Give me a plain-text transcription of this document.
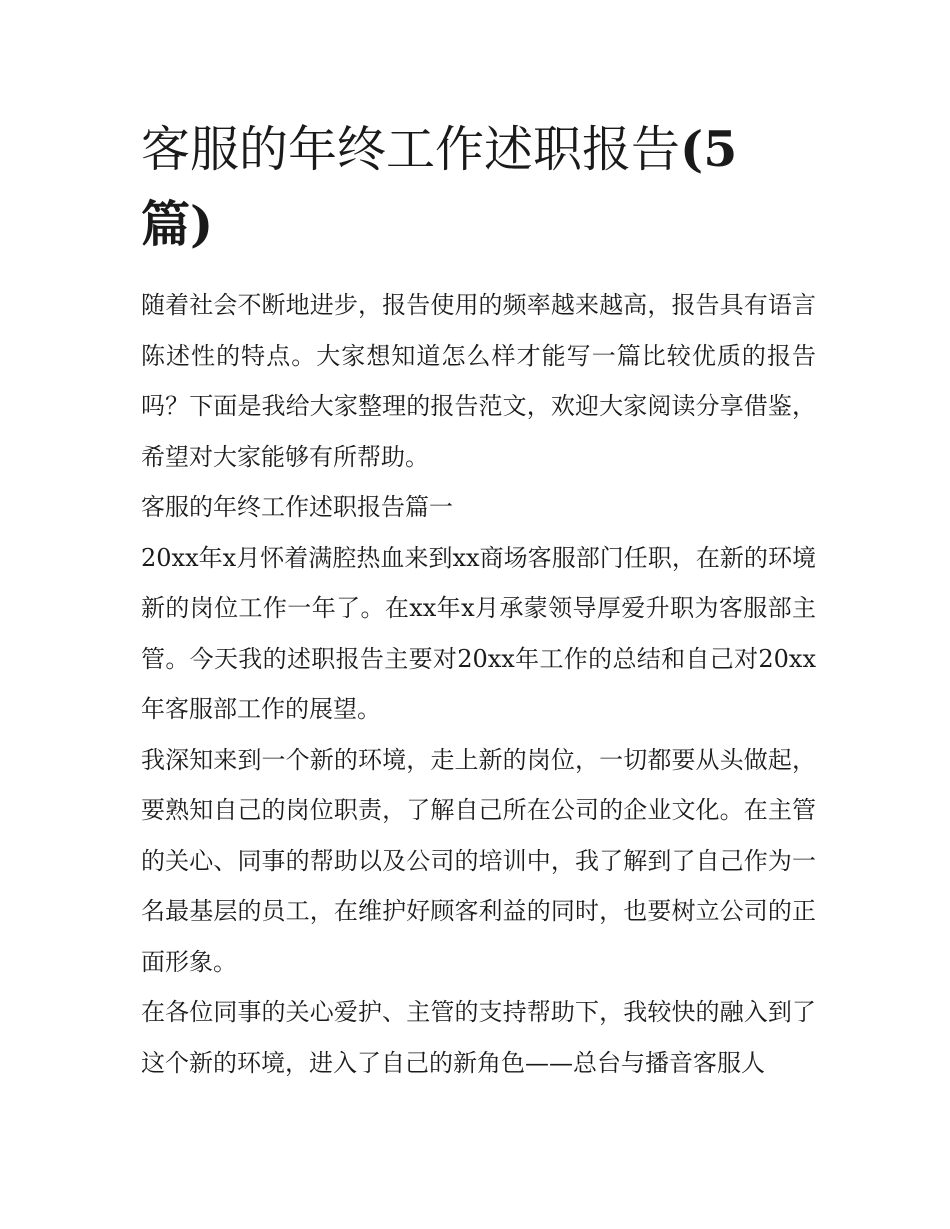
客服的年终工作述职报告(5篇)

随着社会不断地进步，报告使用的频率越来越高，报告具有语言陈述性的特点。大家想知道怎么样才能写一篇比较优质的报告吗？下面是我给大家整理的报告范文，欢迎大家阅读分享借鉴，希望对大家能够有所帮助。

客服的年终工作述职报告篇一

20xx年x月怀着满腔热血来到xx商场客服部门任职，在新的环境新的岗位工作一年了。在xx年x月承蒙领导厚爱升职为客服部主管。今天我的述职报告主要对20xx年工作的总结和自己对20xx年客服部工作的展望。

我深知来到一个新的环境，走上新的岗位，一切都要从头做起，要熟知自己的岗位职责，了解自己所在公司的企业文化。在主管的关心、同事的帮助以及公司的培训中，我了解到了自己作为一名最基层的员工，在维护好顾客利益的同时，也要树立公司的正面形象。

在各位同事的关心爱护、主管的支持帮助下，我较快的融入到了这个新的环境，进入了自己的新角色——总台与播音客服人
